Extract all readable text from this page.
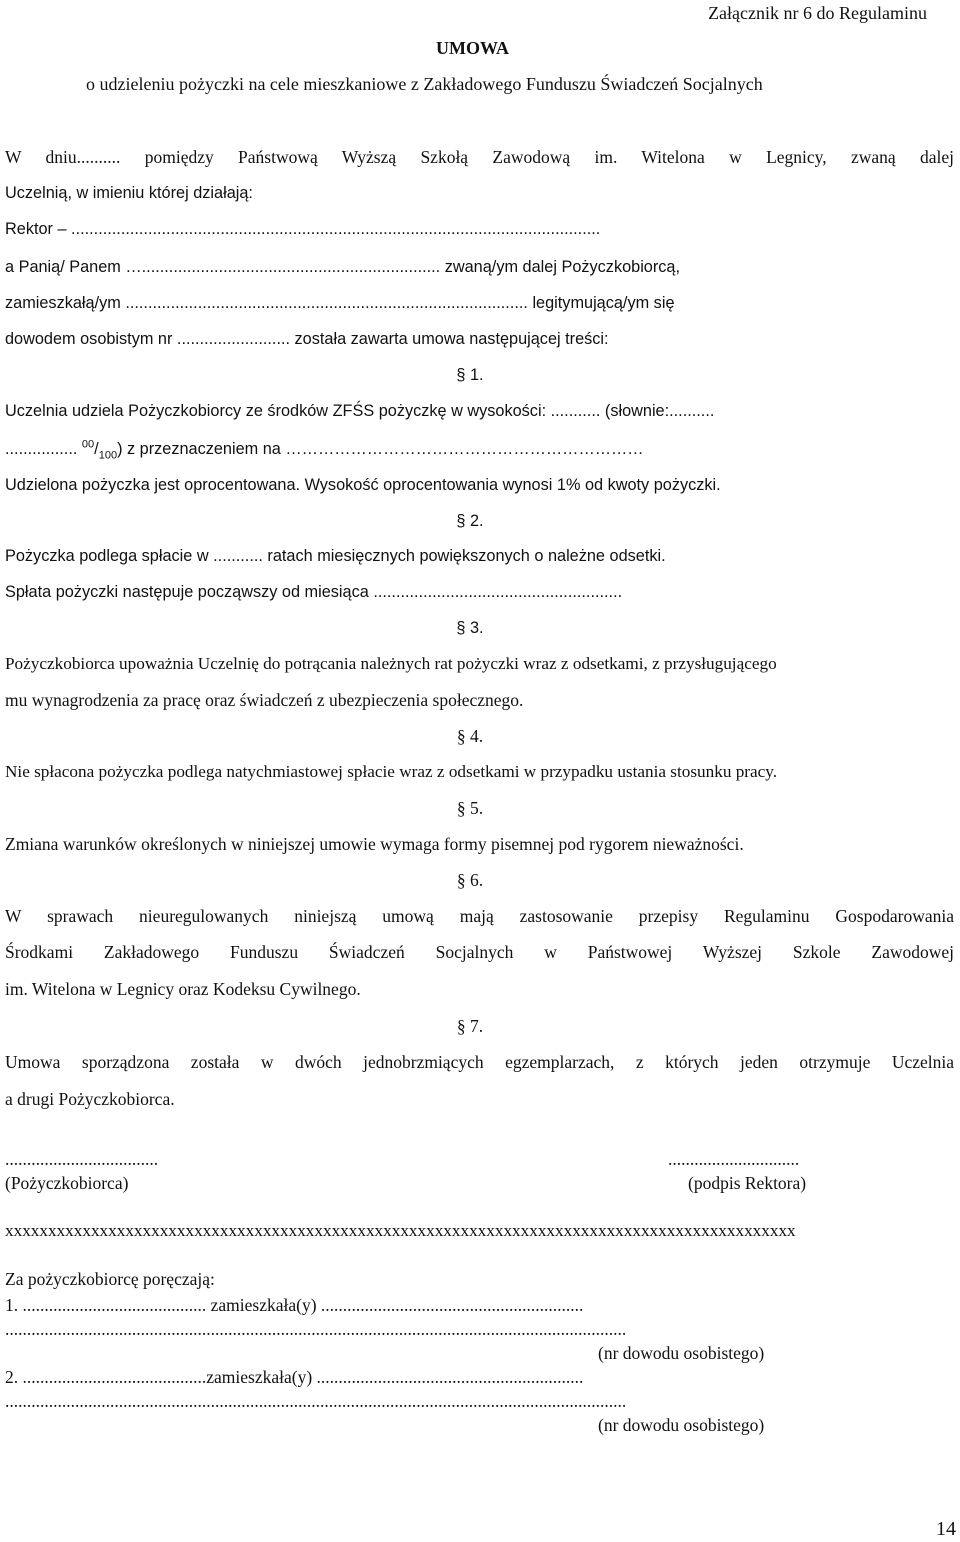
Załącznik nr 6 do Regulaminu
UMOWA
o udzieleniu pożyczki na cele mieszkaniowe z Zakładowego Funduszu Świadczeń Socjalnych
W dniu.......... pomiędzy Państwową Wyższą Szkołą Zawodową im. Witelona w Legnicy, zwaną dalej
Uczelnią, w imieniu której działają:
Rektor – .....................................................................................................................
a Panią/ Panem ….................................................................. zwaną/ym dalej Pożyczkobiorcą,
zamieszkałą/ym ......................................................................................... legitymującą/ym się
dowodem osobistym nr ......................... została zawarta umowa następującej treści:
§ 1.
Uczelnia udziela Pożyczkobiorcy ze środków ZFŚS pożyczkę w wysokości: ........... (słownie:..........
................ $^{00}/_{100}$) z przeznaczeniem na …………………………………………………………
Udzielona pożyczka jest oprocentowana. Wysokość oprocentowania wynosi 1% od kwoty pożyczki.
§ 2.
Pożyczka podlega spłacie w ........... ratach miesięcznych powiększonych o należne odsetki.
Spłata pożyczki następuje począwszy od miesiąca .......................................................
§ 3.
Pożyczkobiorca upoważnia Uczelnię do potrącania należnych rat pożyczki wraz z odsetkami, z przysługującego
mu wynagrodzenia za pracę oraz świadczeń z ubezpieczenia społecznego.
§ 4.
Nie spłacona pożyczka podlega natychmiastowej spłacie wraz z odsetkami w przypadku ustania stosunku pracy.
§ 5.
Zmiana warunków określonych w niniejszej umowie wymaga formy pisemnej pod rygorem nieważności.
§ 6.
W sprawach nieuregulowanych niniejszą umową mają zastosowanie przepisy Regulaminu Gospodarowania
Środkami Zakładowego Funduszu Świadczeń Socjalnych w Państwowej Wyższej Szkole Zawodowej
im. Witelona w Legnicy oraz Kodeksu Cywilnego.
§ 7.
Umowa sporządzona została w dwóch jednobrzmiących egzemplarzach, z których jeden otrzymuje Uczelnia
a drugi Pożyczkobiorca.
...................................	..............................
(Pożyczkobiorca)	(podpis Rektora)
xxxxxxxxxxxxxxxxxxxxxxxxxxxxxxxxxxxxxxxxxxxxxxxxxxxxxxxxxxxxxxxxxxxxxxxxxxxxxxxxxxxxxxxxxxxx
Za pożyczkobiorcę poręczają:
1. .......................................... zamieszkała(y) ............................................................
..............................................................................................................................................
(nr dowodu osobistego)
2. ..........................................zamieszkała(y) .............................................................
..............................................................................................................................................
(nr dowodu osobistego)
14
